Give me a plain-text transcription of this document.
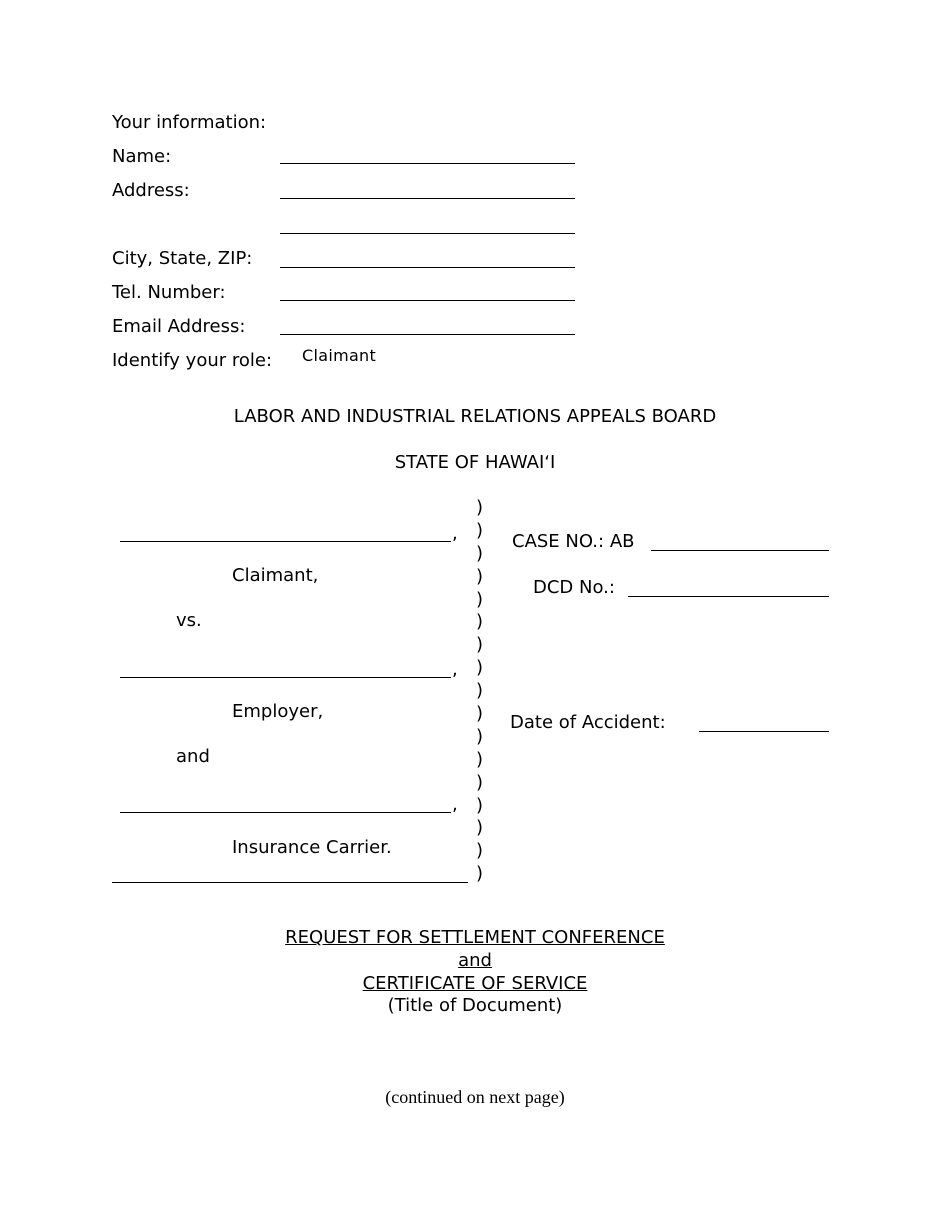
Your information:
Name:
Address:
City, State, ZIP:
Tel. Number:
Email Address:
Identify your role: Claimant
LABOR AND INDUSTRIAL RELATIONS APPEALS BOARD
STATE OF HAWAIʻI
,
Claimant,
vs.
,
Employer,
and
,
Insurance Carrier.
)
)
)
)
)
)
)
)
)
)
)
)
)
)
)
)
)
CASE NO.: AB
DCD No.:
Date of Accident:
REQUEST FOR SETTLEMENT CONFERENCE
and
CERTIFICATE OF SERVICE
(Title of Document)
(continued on next page)
